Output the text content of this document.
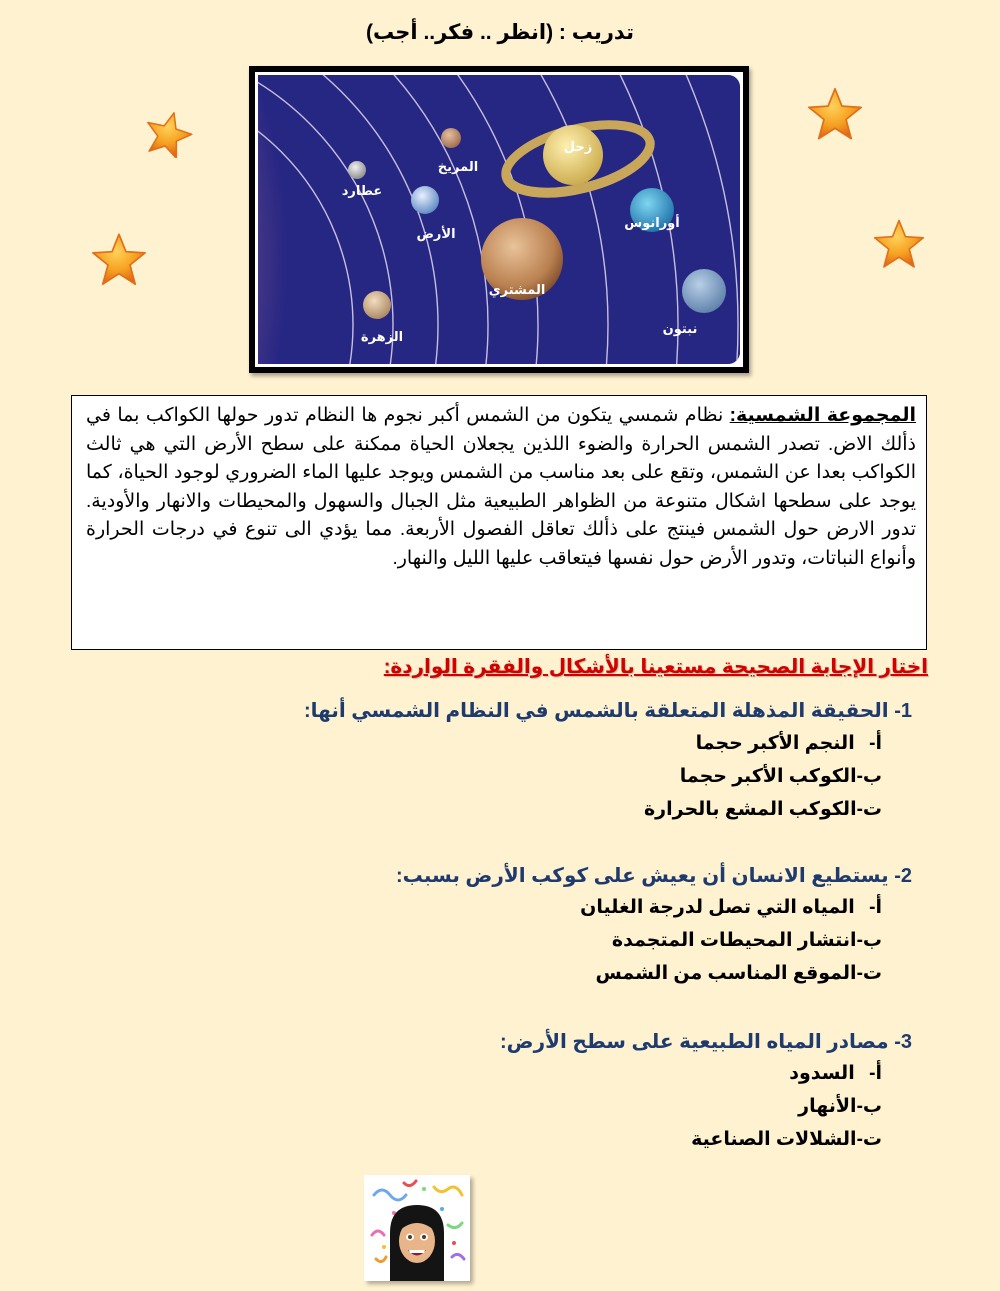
تدريب : (انظر .. فكر.. أجب)
عطارد
الزهرة
الأرض
المريخ
المشتري
زحل
أورانوس
نبتون
المجموعة الشمسية: نظام شمسي يتكون من الشمس أكبر نجوم ها النظام تدور حولها الكواكب بما في ذألك الاض. تصدر الشمس الحرارة والضوء اللذين يجعلان الحياة ممكنة على سطح الأرض التي هي ثالث الكواكب بعدا عن الشمس، وتقع على بعد مناسب من الشمس ويوجد عليها الماء الضروري لوجود الحياة، كما يوجد على سطحها اشكال متنوعة من الظواهر الطبيعية مثل الجبال والسهول والمحيطات والانهار والأودية. تدور الارض حول الشمس فينتج على ذألك تعاقل الفصول الأربعة. مما يؤدي الى تنوع في درجات الحرارة وأنواع النباتات، وتدور الأرض حول نفسها فيتعاقب عليها الليل والنهار.
اختار الإجابة الصحيحة مستعينا بالأشكال والفقرة الواردة:
1- الحقيقة المذهلة المتعلقة بالشمس في النظام الشمسي أنها:
أ- النجم الأكبر حجما
ب-الكوكب الأكبر حجما
ت-الكوكب المشع بالحرارة
2- يستطيع الانسان أن يعيش على كوكب الأرض بسبب:
أ- المياه التي تصل لدرجة الغليان
ب-انتشار المحيطات المتجمدة
ت-الموقع المناسب من الشمس
3- مصادر المياه الطبيعية على سطح الأرض:
أ- السدود
ب-الأنهار
ت-الشلالات الصناعية
